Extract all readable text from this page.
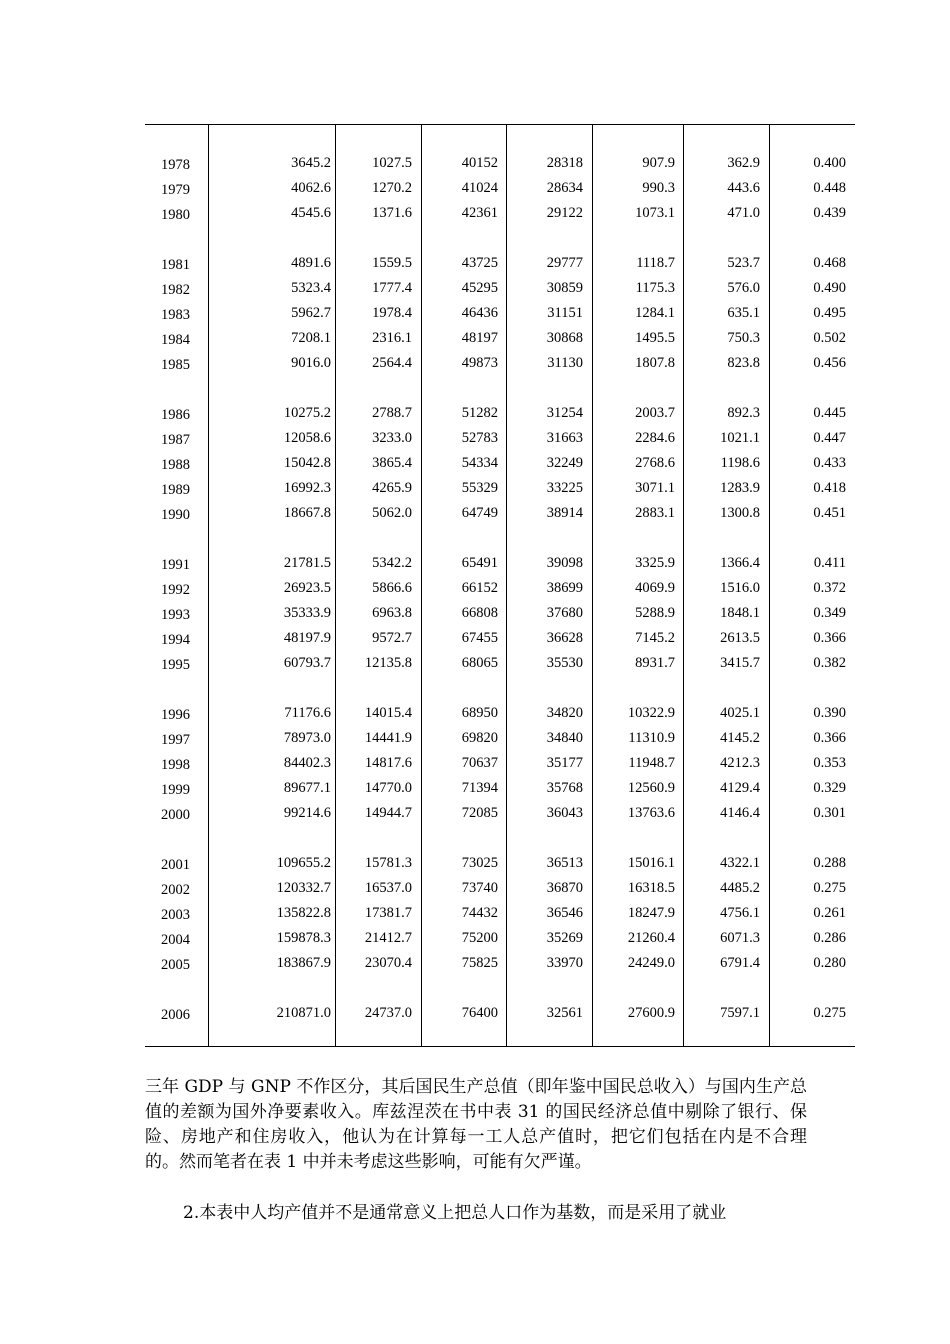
1978	3645.2	1027.5	40152	28318	907.9	362.9	0.400
1979	4062.6	1270.2	41024	28634	990.3	443.6	0.448
1980	4545.6	1371.6	42361	29122	1073.1	471.0	0.439
1981	4891.6	1559.5	43725	29777	1118.7	523.7	0.468
1982	5323.4	1777.4	45295	30859	1175.3	576.0	0.490
1983	5962.7	1978.4	46436	31151	1284.1	635.1	0.495
1984	7208.1	2316.1	48197	30868	1495.5	750.3	0.502
1985	9016.0	2564.4	49873	31130	1807.8	823.8	0.456
1986	10275.2	2788.7	51282	31254	2003.7	892.3	0.445
1987	12058.6	3233.0	52783	31663	2284.6	1021.1	0.447
1988	15042.8	3865.4	54334	32249	2768.6	1198.6	0.433
1989	16992.3	4265.9	55329	33225	3071.1	1283.9	0.418
1990	18667.8	5062.0	64749	38914	2883.1	1300.8	0.451
1991	21781.5	5342.2	65491	39098	3325.9	1366.4	0.411
1992	26923.5	5866.6	66152	38699	4069.9	1516.0	0.372
1993	35333.9	6963.8	66808	37680	5288.9	1848.1	0.349
1994	48197.9	9572.7	67455	36628	7145.2	2613.5	0.366
1995	60793.7	12135.8	68065	35530	8931.7	3415.7	0.382
1996	71176.6	14015.4	68950	34820	10322.9	4025.1	0.390
1997	78973.0	14441.9	69820	34840	11310.9	4145.2	0.366
1998	84402.3	14817.6	70637	35177	11948.7	4212.3	0.353
1999	89677.1	14770.0	71394	35768	12560.9	4129.4	0.329
2000	99214.6	14944.7	72085	36043	13763.6	4146.4	0.301
2001	109655.2	15781.3	73025	36513	15016.1	4322.1	0.288
2002	120332.7	16537.0	73740	36870	16318.5	4485.2	0.275
2003	135822.8	17381.7	74432	36546	18247.9	4756.1	0.261
2004	159878.3	21412.7	75200	35269	21260.4	6071.3	0.286
2005	183867.9	23070.4	75825	33970	24249.0	6791.4	0.280
2006	210871.0	24737.0	76400	32561	27600.9	7597.1	0.275

三年 GDP 与 GNP 不作区分，其后国民生产总值（即年鉴中国民总收入）与国内生产总值的差额为国外净要素收入。库兹涅茨在书中表 31 的国民经济总值中剔除了银行、保险、房地产和住房收入，他认为在计算每一工人总产值时，把它们包括在内是不合理的。然而笔者在表 1 中并未考虑这些影响，可能有欠严谨。

2.本表中人均产值并不是通常意义上把总人口作为基数，而是采用了就业
